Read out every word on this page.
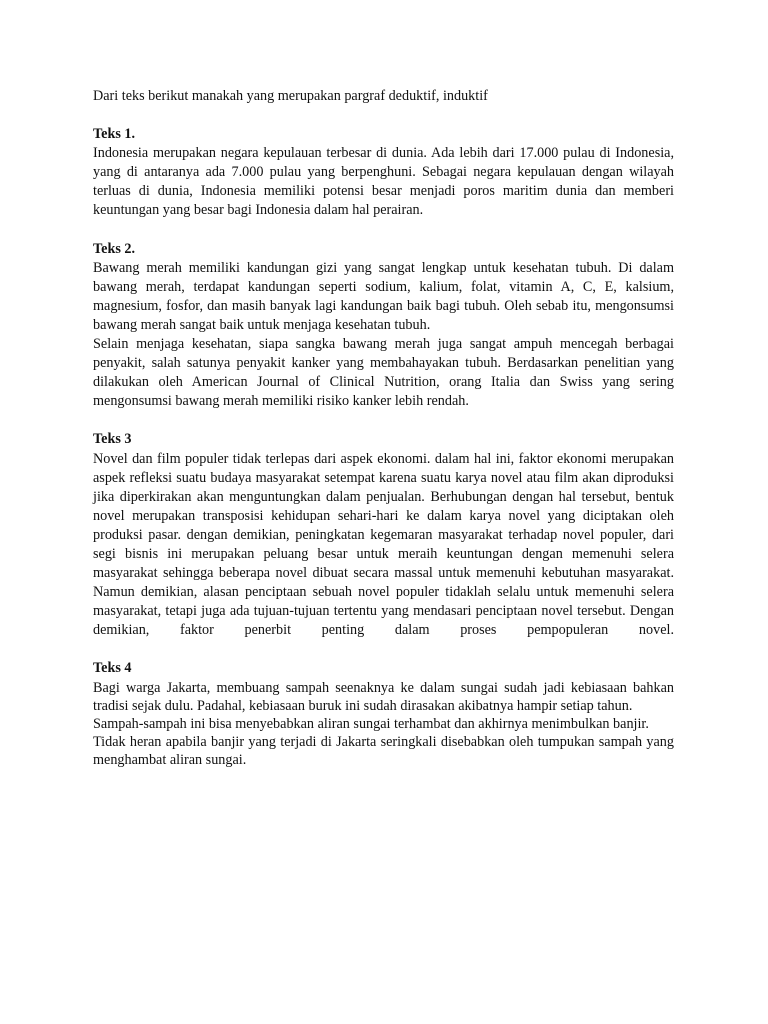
Dari teks berikut manakah yang merupakan pargraf deduktif, induktif

Teks 1.

Indonesia merupakan negara kepulauan terbesar di dunia. Ada lebih dari 17.000 pulau di Indonesia, yang di antaranya ada 7.000 pulau yang berpenghuni. Sebagai negara kepulauan dengan wilayah terluas di dunia, Indonesia memiliki potensi besar menjadi poros maritim dunia dan memberi keuntungan yang besar bagi Indonesia dalam hal perairan.

Teks 2.

Bawang merah memiliki kandungan gizi yang sangat lengkap untuk kesehatan tubuh. Di dalam bawang merah, terdapat kandungan seperti sodium, kalium, folat, vitamin A, C, E, kalsium, magnesium, fosfor, dan masih banyak lagi kandungan baik bagi tubuh. Oleh sebab itu, mengonsumsi bawang merah sangat baik untuk menjaga kesehatan tubuh.

Selain menjaga kesehatan, siapa sangka bawang merah juga sangat ampuh mencegah berbagai penyakit, salah satunya penyakit kanker yang membahayakan tubuh. Berdasarkan penelitian yang dilakukan oleh American Journal of Clinical Nutrition, orang Italia dan Swiss yang sering mengonsumsi bawang merah memiliki risiko kanker lebih rendah.

Teks 3

Novel dan film populer tidak terlepas dari aspek ekonomi. dalam hal ini, faktor ekonomi merupakan aspek refleksi suatu budaya masyarakat setempat karena suatu karya novel atau film akan diproduksi jika diperkirakan akan menguntungkan dalam penjualan. Berhubungan dengan hal tersebut, bentuk novel merupakan transposisi kehidupan sehari-hari ke dalam karya novel yang diciptakan oleh produksi pasar. dengan demikian, peningkatan kegemaran masyarakat terhadap novel populer, dari segi bisnis ini merupakan peluang besar untuk meraih keuntungan dengan memenuhi selera masyarakat sehingga beberapa novel dibuat secara massal untuk memenuhi kebutuhan masyarakat. Namun demikian, alasan penciptaan sebuah novel populer tidaklah selalu untuk memenuhi selera masyarakat, tetapi juga ada tujuan-tujuan tertentu yang mendasari penciptaan novel tersebut. Dengan demikian, faktor penerbit penting dalam proses pempopuleran novel.

Teks 4

Bagi warga Jakarta, membuang sampah seenaknya ke dalam sungai sudah jadi kebiasaan bahkan tradisi sejak dulu. Padahal, kebiasaan buruk ini sudah dirasakan akibatnya hampir setiap tahun.

Sampah-sampah ini bisa menyebabkan aliran sungai terhambat dan akhirnya menimbulkan banjir.

Tidak heran apabila banjir yang terjadi di Jakarta seringkali disebabkan oleh tumpukan sampah yang menghambat aliran sungai.
